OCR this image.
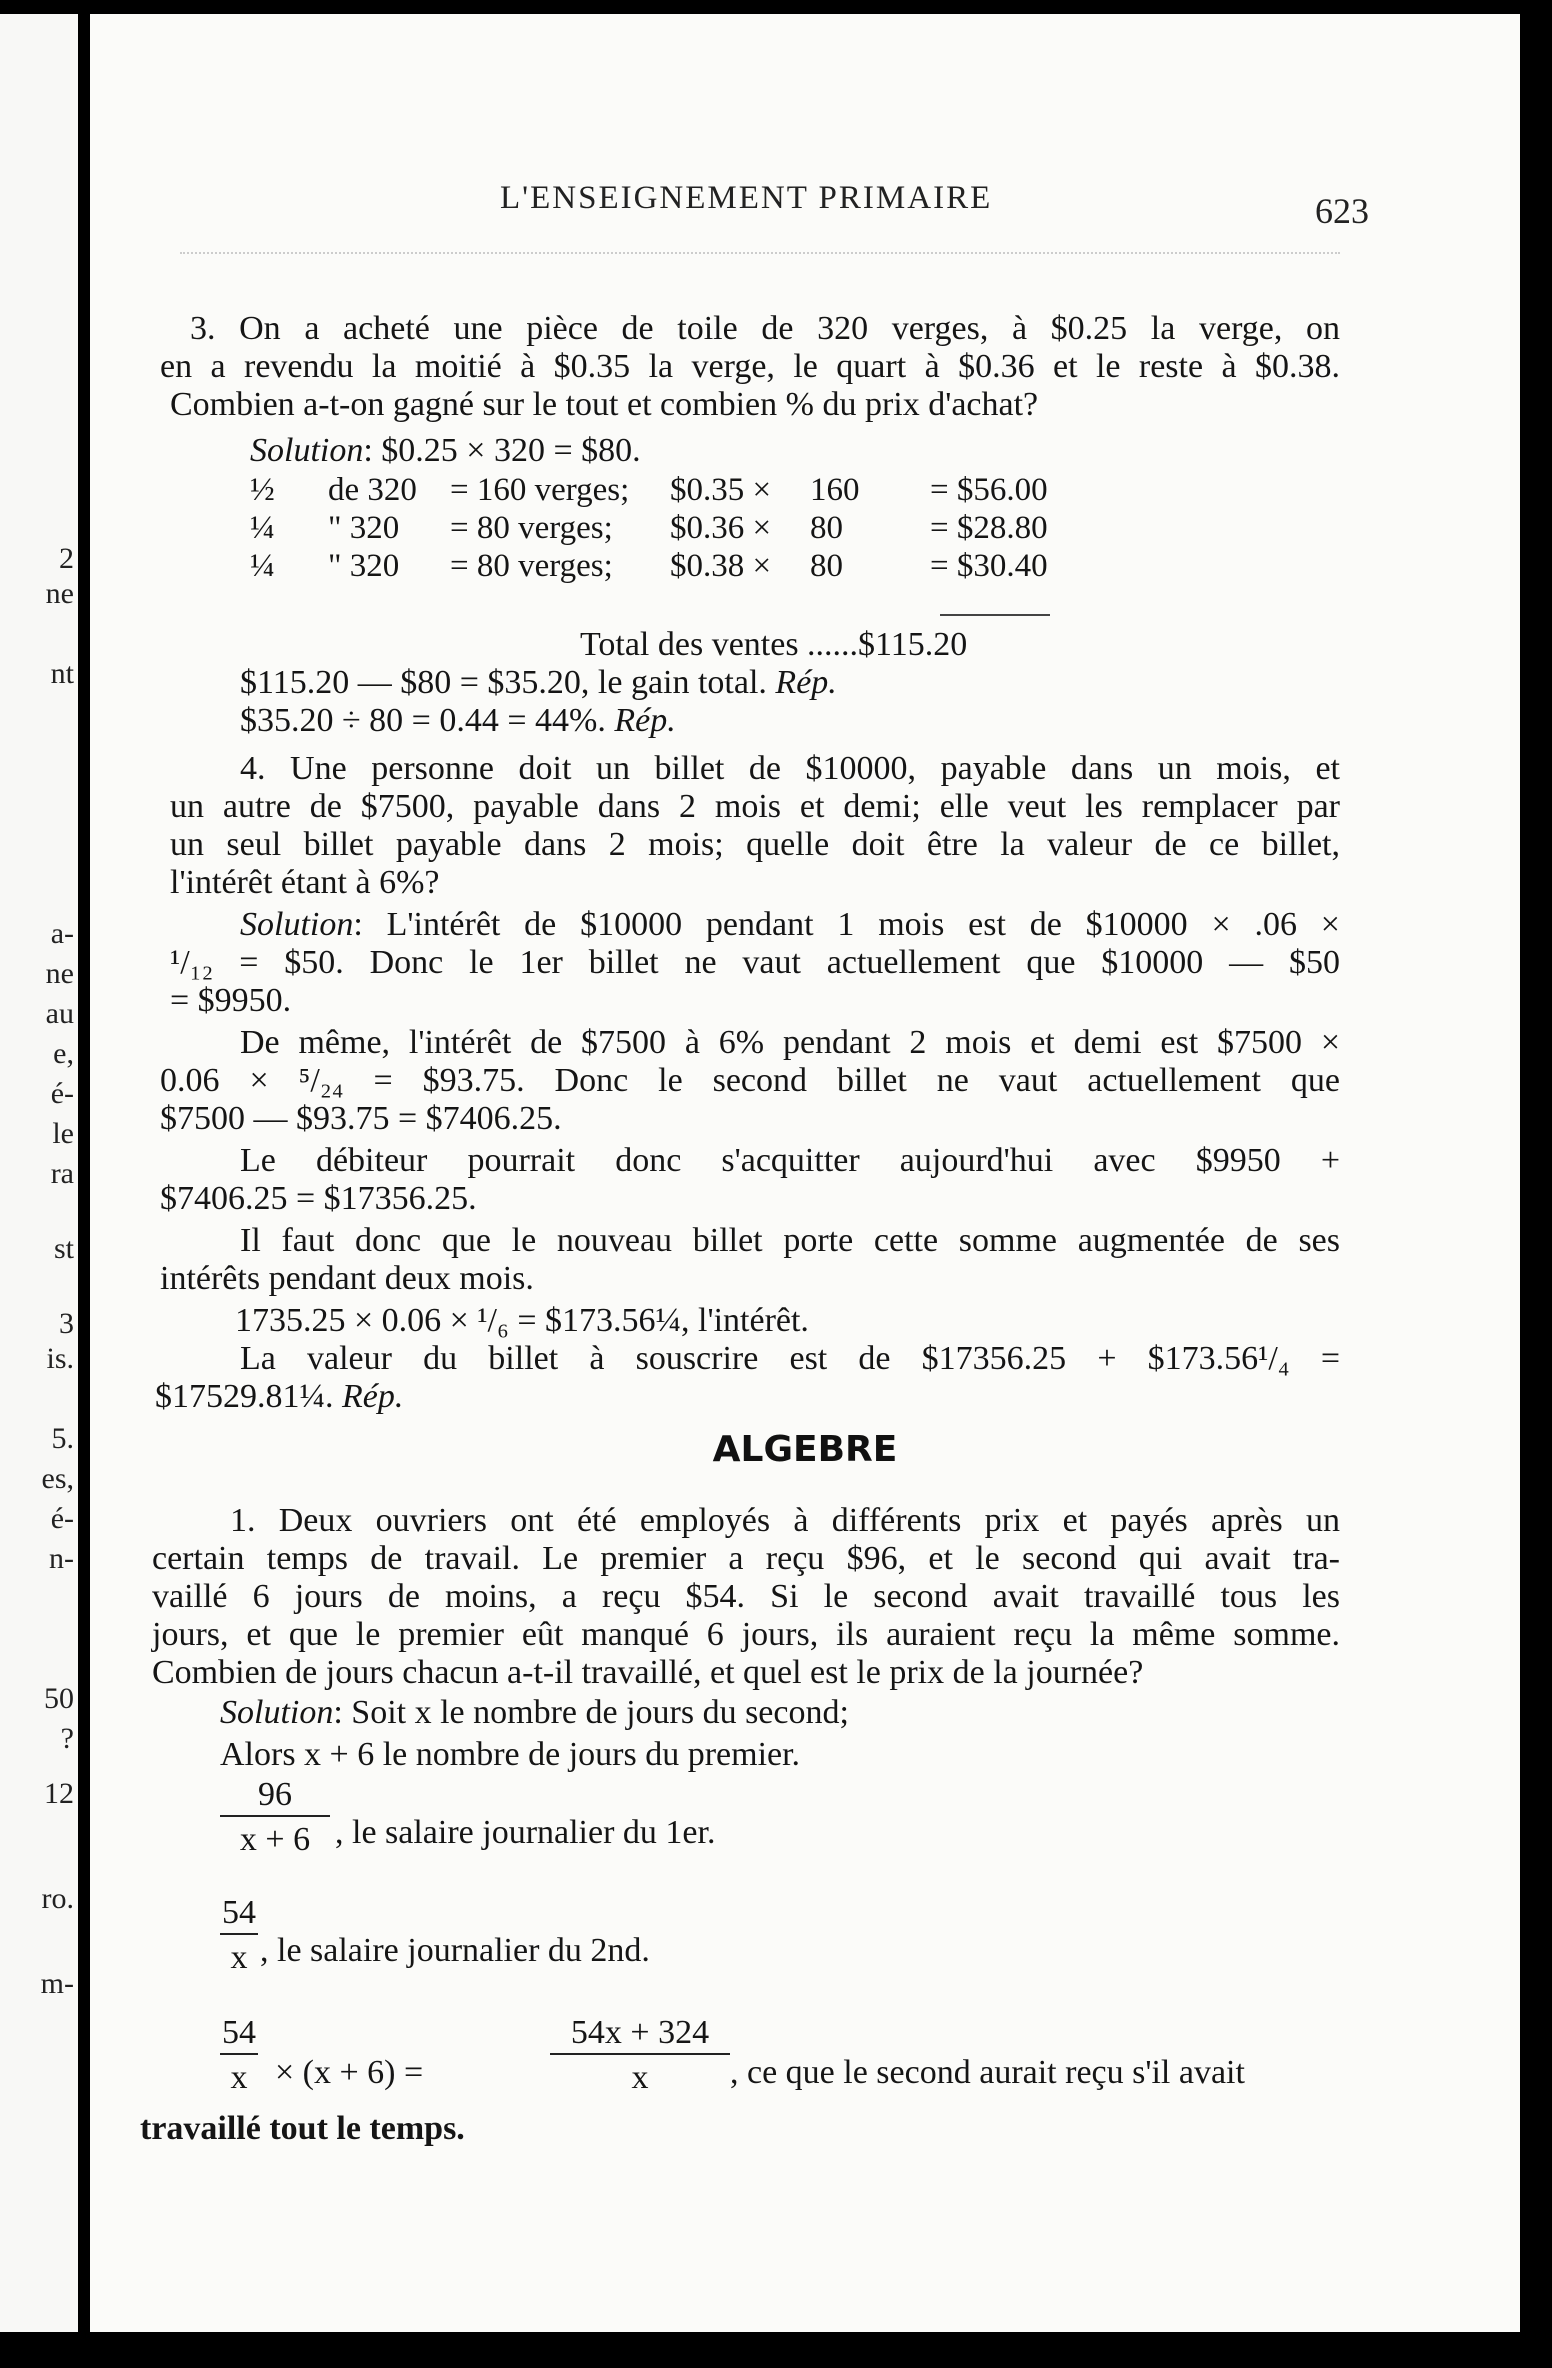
2
ne
nt
a-
ne
au
e,
é-
le
ra
st
3
is.
5.
es,
é-
n-
50
?
12
ro.
m-
L'ENSEIGNEMENT PRIMAIRE	623

3. On a acheté une pièce de toile de 320 verges, à $0.25 la verge, on

en a revendu la moitié à $0.35 la verge, le quart à $0.36 et le reste à $0.38.

Combien a-t-on gagné sur le tout et combien % du prix d'achat?

Solution: $0.25 × 320 = $80.

½ de 320 = 160 verges; $0.35 × 160 = $56.00
¼ " 320 = 80 verges; $0.36 × 80	= $28.80
¼ " 320 = 80 verges; $0.38 × 80	= $30.40

Total des ventes ......$115.20

$115.20 — $80 = $35.20, le gain total. Rép.

$35.20 ÷ 80 = 0.44 = 44%. Rép.

4. Une personne doit un billet de $10000, payable dans un mois, et

un autre de $7500, payable dans 2 mois et demi; elle veut les remplacer par

un seul billet payable dans 2 mois; quelle doit être la valeur de ce billet,

l'intérêt étant à 6%?

Solution: L'intérêt de $10000 pendant 1 mois est de $10000 × .06 ×

¹/₁₂ = $50. Donc le 1er billet ne vaut actuellement que $10000 — $50

= $9950.

De même, l'intérêt de $7500 à 6% pendant 2 mois et demi est $7500 ×

0.06 × ⁵/₂₄ = $93.75. Donc le second billet ne vaut actuellement que

$7500 — $93.75 = $7406.25.

Le débiteur pourrait donc s'acquitter aujourd'hui avec $9950 +

$7406.25 = $17356.25.

Il faut donc que le nouveau billet porte cette somme augmentée de ses

intérêts pendant deux mois.

1735.25 × 0.06 × ¹/₆ = $173.56¼, l'intérêt.

La valeur du billet à souscrire est de $17356.25 + $173.56¹/₄ =

$17529.81¼. Rép.

ALGEBRE

1. Deux ouvriers ont été employés à différents prix et payés après un

certain temps de travail. Le premier a reçu $96, et le second qui avait tra-

vaillé 6 jours de moins, a reçu $54. Si le second avait travaillé tous les

jours, et que le premier eût manqué 6 jours, ils auraient reçu la même somme.

Combien de jours chacun a-t-il travaillé, et quel est le prix de la journée?

Solution: Soit x le nombre de jours du second;

Alors x + 6 le nombre de jours du premier.

96
x + 6 , le salaire journalier du 1er.
54
x , le salaire journalier du 2nd.
54
x × (x + 6) =
54x + 324
x	, ce que le second aurait reçu s'il avait

travaillé tout le temps.
